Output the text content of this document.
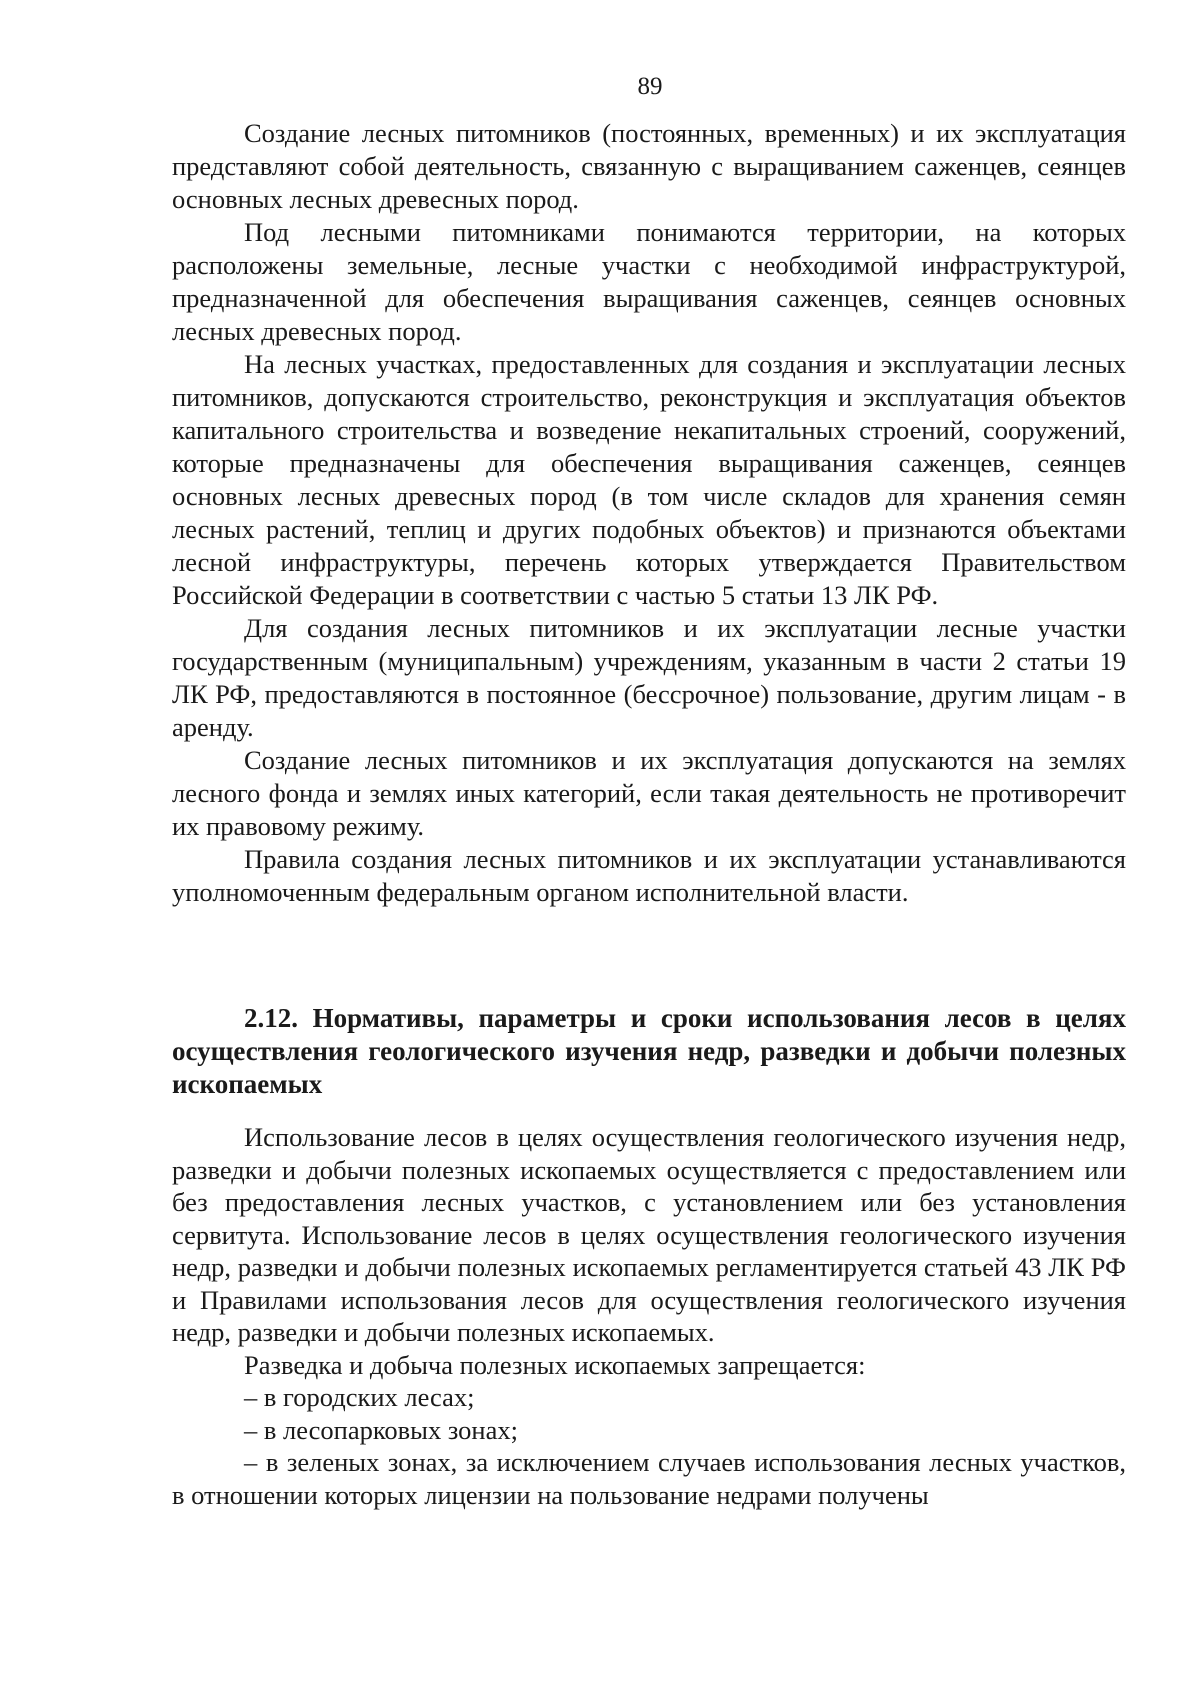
89

Создание лесных питомников (постоянных, временных) и их эксплуатация представляют собой деятельность, связанную с выращиванием саженцев, сеянцев основных лесных древесных пород.

Под лесными питомниками понимаются территории, на которых расположены земельные, лесные участки с необходимой инфраструктурой, предназначенной для обеспечения выращивания саженцев, сеянцев основных лесных древесных пород.

На лесных участках, предоставленных для создания и эксплуатации лесных питомников, допускаются строительство, реконструкция и эксплуатация объектов капитального строительства и возведение некапитальных строений, сооружений, которые предназначены для обеспечения выращивания саженцев, сеянцев основных лесных древесных пород (в том числе складов для хранения семян лесных растений, теплиц и других подобных объектов) и признаются объектами лесной инфраструктуры, перечень которых утверждается Правительством Российской Федерации в соответствии с частью 5 статьи 13 ЛК РФ.

Для создания лесных питомников и их эксплуатации лесные участки государственным (муниципальным) учреждениям, указанным в части 2 статьи 19 ЛК РФ, предоставляются в постоянное (бессрочное) пользование, другим лицам - в аренду.

Создание лесных питомников и их эксплуатация допускаются на землях лесного фонда и землях иных категорий, если такая деятельность не противоречит их правовому режиму.

Правила создания лесных питомников и их эксплуатации устанавливаются уполномоченным федеральным органом исполнительной власти.

2.12. Нормативы, параметры и сроки использования лесов в целях осуществления геологического изучения недр, разведки и добычи полезных ископаемых

Использование лесов в целях осуществления геологического изучения недр, разведки и добычи полезных ископаемых осуществляется с предоставлением или без предоставления лесных участков, с установлением или без установления сервитута. Использование лесов в целях осуществления геологического изучения недр, разведки и добычи полезных ископаемых регламентируется статьей 43 ЛК РФ и Правилами использования лесов для осуществления геологического изучения недр, разведки и добычи полезных ископаемых.

Разведка и добыча полезных ископаемых запрещается:

– в городских лесах;

– в лесопарковых зонах;

– в зеленых зонах, за исключением случаев использования лесных участков, в отношении которых лицензии на пользование недрами получены
